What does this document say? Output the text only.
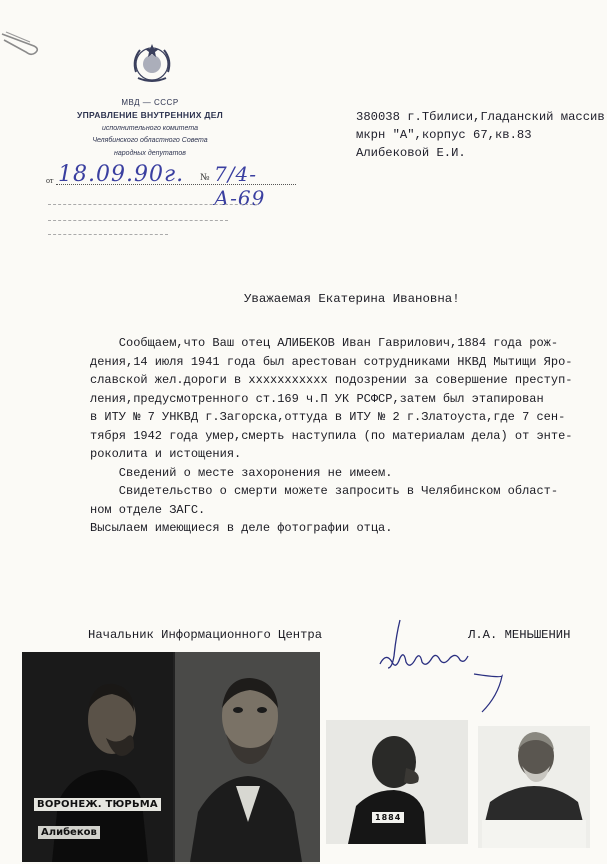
МВД — СССР
УПРАВЛЕНИЕ ВНУТРЕННИХ ДЕЛ
исполнительного комитета
Челябинского областного Совета
народных депутатов
от 18.09.90г. № 7/4-А-69
380038 г.Тбилиси,Гладанский массив
мкрн "А",корпус 67,кв.83
Алибековой Е.И.
Уважаемая Екатерина Ивановна!
Сообщаем,что Ваш отец АЛИБЕКОВ Иван Гаврилович,1884 года рож-
дения,14 июля 1941 года был арестован сотрудниками НКВД Мытищи Яро-
славской жел.дороги в ххххххххххх подозрении за совершение преступ-
ления,предусмотренного ст.169 ч.П УК РСФСР,затем был этапирован
в ИТУ № 7 УНКВД г.Загорска,оттуда в ИТУ № 2 г.Златоуста,где 7 сен-
тября 1942 года умер,смерть наступила (по материалам дела) от энте-
роколита и истощения.
Сведений о месте захоронения не имеем.
Свидетельство о смерти можете запросить в Челябинском област-
ном отделе ЗАГС.
Высылаем имеющиеся в деле фотографии отца.
Начальник Информационного Центра	Л.А. МЕНЬШЕНИН
ВОРОНЕЖ. ТЮРЬМА
Алибеков
1884
